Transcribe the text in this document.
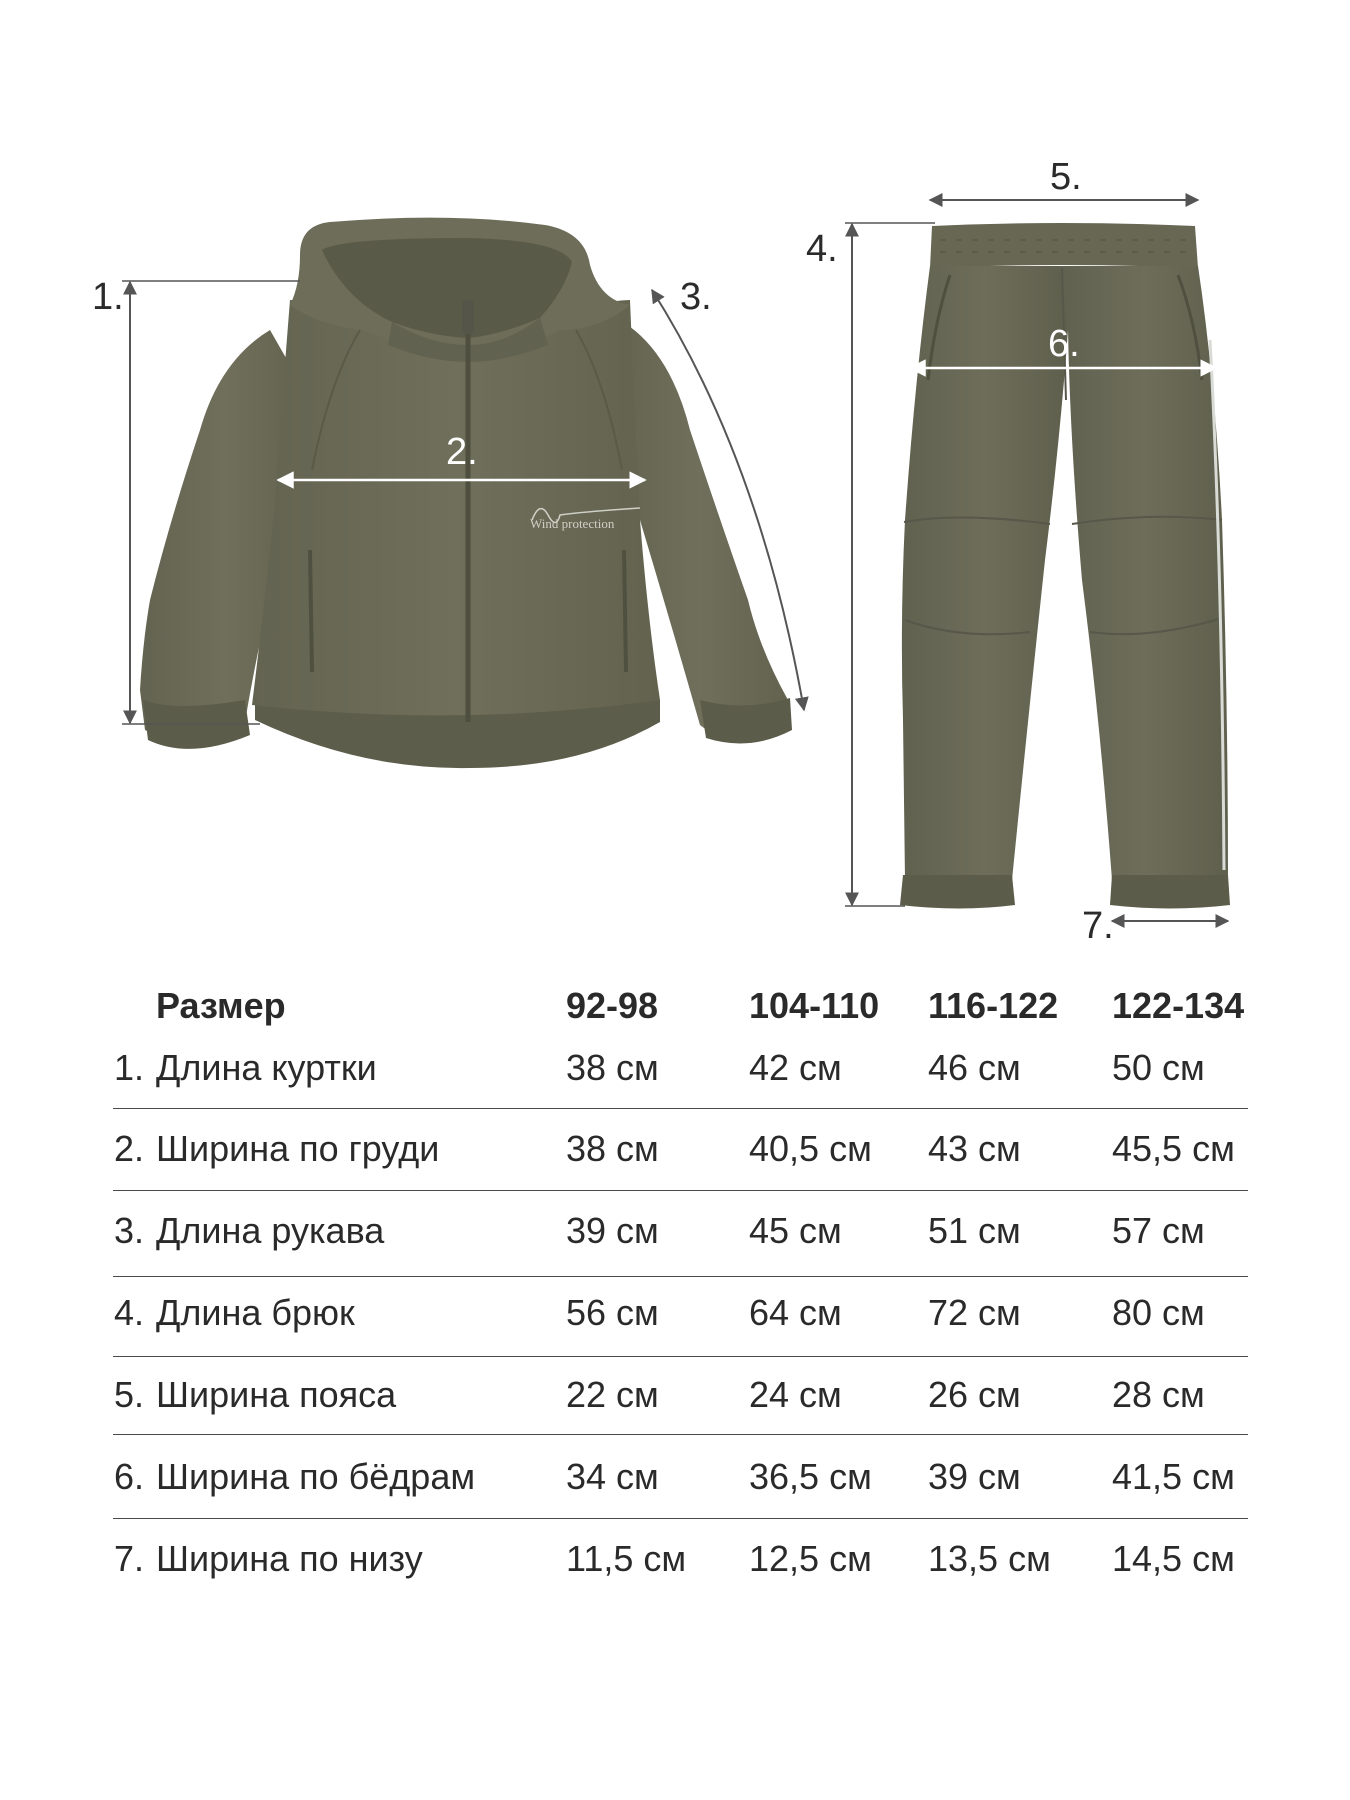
Wind protection
1.
2.
3.
4.
5.
6.
7.
Размер	92-98	104-110 116-122 122-134
1. Длина куртки	38 см	42 см 46 см	50 см
2. Ширина по груди	38 см	40,5 см 43 см	45,5 см
3. Длина рукава	39 см	45 см 51 см	57 см
4. Длина брюк	56 см	64 см 72 см	80 см
5. Ширина пояса	22 см	24 см 26 см	28 см
6. Ширина по бёдрам	34 см	36,5 см 39 см	41,5 см
7. Ширина по низу	11,5 см 12,5 см 13,5 см 14,5 см
